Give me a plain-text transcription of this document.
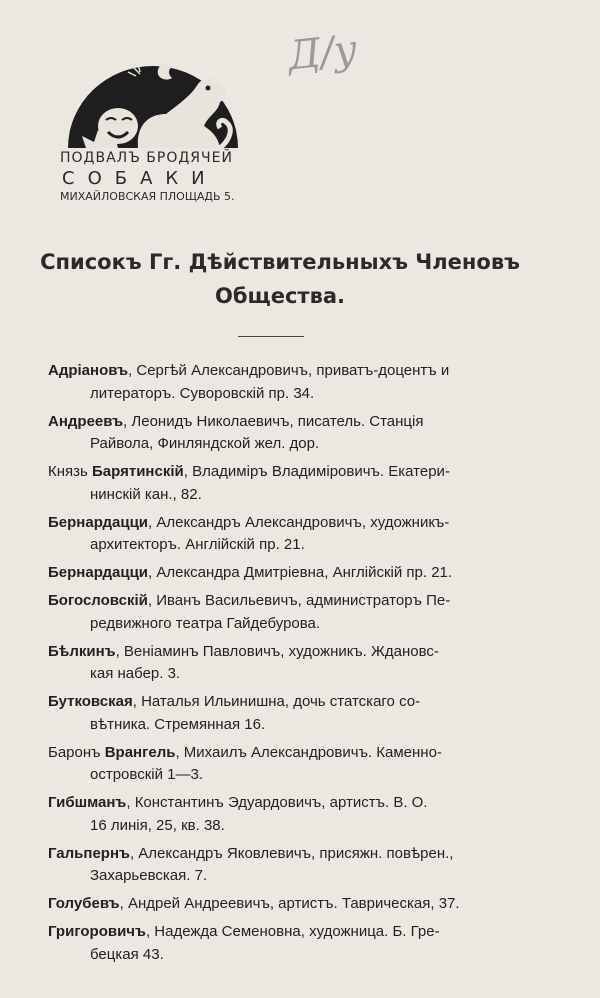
ПОДВАЛЪ БРОДЯЧЕЙ
СОБАКИ
МИХАЙЛОВСКАЯ ПЛОЩАДЬ 5.
Д/у
Списокъ Гг. Дѣйствительныхъ Членовъ
Общества.
Адріановъ, Сергѣй Александровичъ, приватъ-доцентъ и
литераторъ. Суворовскій пр. 34.
Андреевъ, Леонидъ Николаевичъ, писатель. Станція
Райвола, Финляндской жел. дор.
Князь Барятинскій, Владиміръ Владиміровичъ. Екатери-
нинскій кан., 82.
Бернардацци, Александръ Александровичъ, художникъ-
архитекторъ. Англійскій пр. 21.
Бернардацци, Александра Дмитріевна, Англійскій пр. 21.
Богословскій, Иванъ Васильевичъ, администраторъ Пе-
редвижного театра Гайдебурова.
Бѣлкинъ, Веніаминъ Павловичъ, художникъ. Ждановс-
кая набер. 3.
Бутковская, Наталья Ильинишна, дочь статскаго со-
вѣтника. Стремянная 16.
Баронъ Врангель, Михаилъ Александровичъ. Каменно-
островскій 1—3.
Гибшманъ, Константинъ Эдуардовичъ, артистъ. В. О.
16 линія, 25, кв. 38.
Гальпернъ, Александръ Яковлевичъ, присяжн. повѣрен.,
Захарьевская. 7.
Голубевъ, Андрей Андреевичъ, артистъ. Таврическая, 37.
Григоровичъ, Надежда Семеновна, художница. Б. Гре-
бецкая 43.
